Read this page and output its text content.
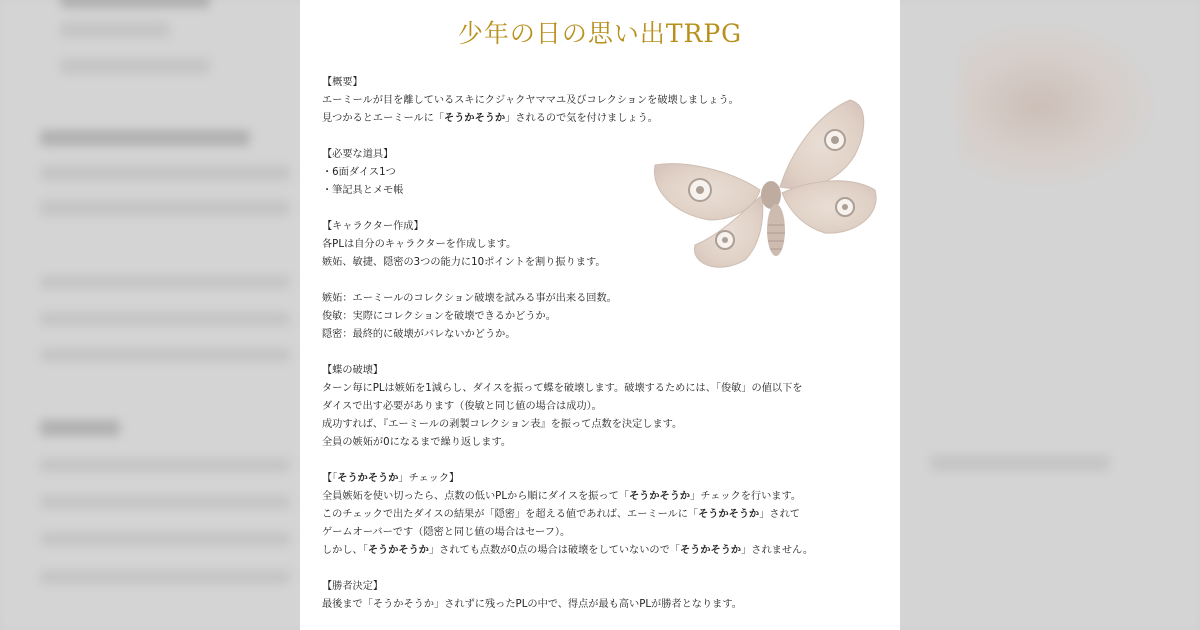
少年の日の思い出TRPG
【概要】
エーミールが目を離しているスキにクジャクヤママユ及びコレクションを破壊しましょう。
見つかるとエーミールに「そうかそうか」されるので気を付けましょう。
【必要な道具】
・6面ダイス1つ
・筆記具とメモ帳
【キャラクター作成】
各PLは自分のキャラクターを作成します。
嫉妬、敏捷、隠密の3つの能力に10ポイントを割り振ります。
嫉妬：エーミールのコレクション破壊を試みる事が出来る回数。
俊敏：実際にコレクションを破壊できるかどうか。
隠密：最終的に破壊がバレないかどうか。
【蝶の破壊】
ターン毎にPLは嫉妬を1減らし、ダイスを振って蝶を破壊します。破壊するためには、「俊敏」の値以下を
ダイスで出す必要があります（俊敏と同じ値の場合は成功）。
成功すれば、『エーミールの剥製コレクション表』を振って点数を決定します。
全員の嫉妬が0になるまで繰り返します。
【「そうかそうか」チェック】
全員嫉妬を使い切ったら、点数の低いPLから順にダイスを振って「そうかそうか」チェックを行います。
このチェックで出たダイスの結果が「隠密」を超える値であれば、エーミールに「そうかそうか」されて
ゲームオーバーです（隠密と同じ値の場合はセーフ）。
しかし、「そうかそうか」されても点数が0点の場合は破壊をしていないので「そうかそうか」されません。
【勝者決定】
最後まで「そうかそうか」されずに残ったPLの中で、得点が最も高いPLが勝者となります。
